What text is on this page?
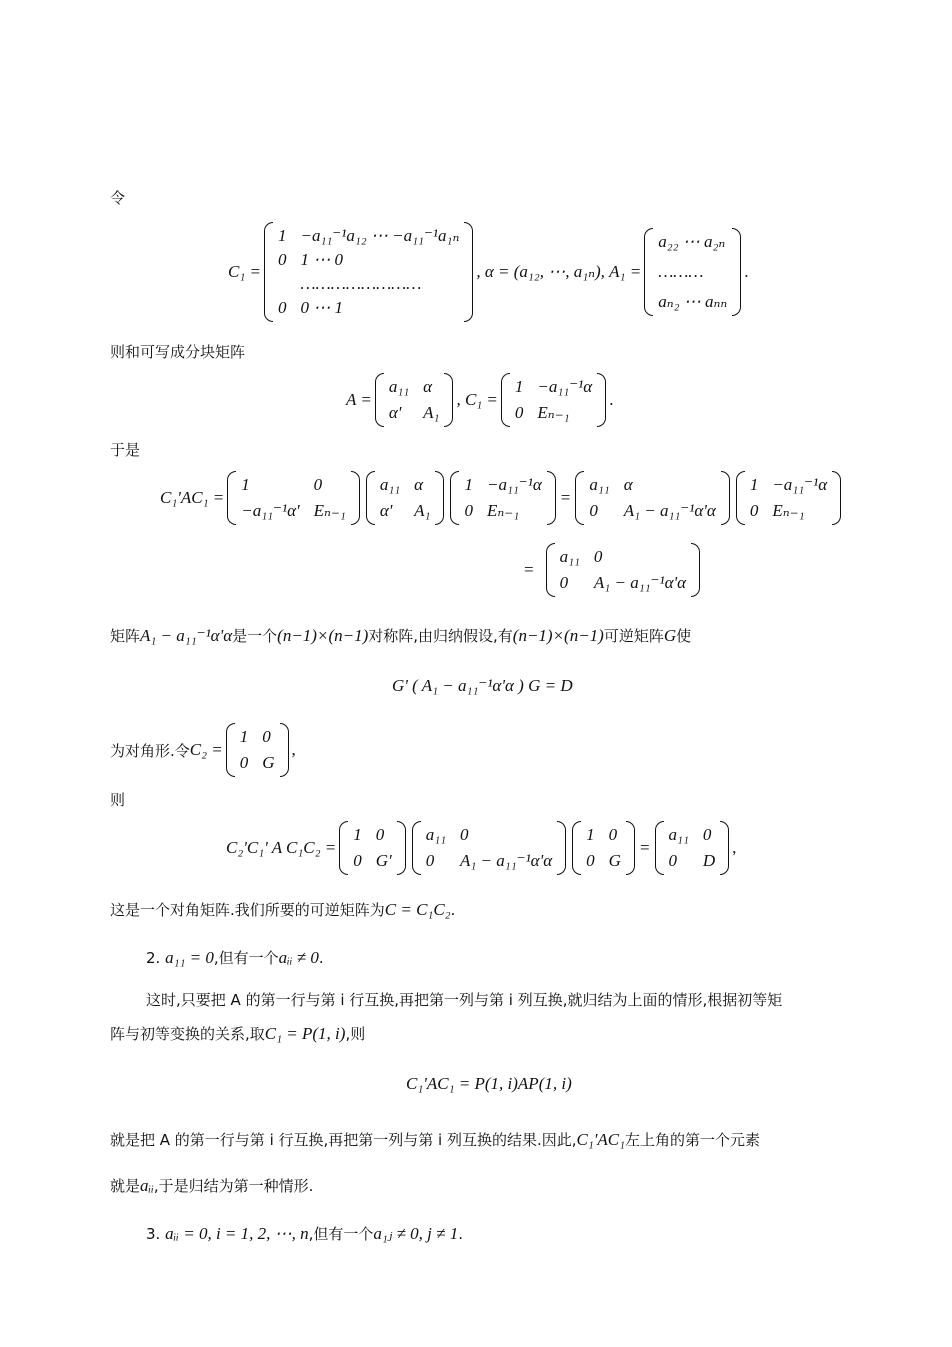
令
C₁ =
1 −a₁₁⁻¹a₁₂ ⋯ −a₁₁⁻¹a₁ₙ
0 1 ⋯ 0
……………………
0 0 ⋯ 1
, α = (a₁₂, ⋯, a₁ₙ), A₁ =
a₂₂ ⋯ a₂ₙ
………
aₙ₂ ⋯ aₙₙ
.
则和可写成分块矩阵
A =
a₁₁ α
α'	A₁
, C₁ =
1 −a₁₁⁻¹α
0 Eₙ₋₁
.
于是
C₁'AC₁ =
1	0
−a₁₁⁻¹α' Eₙ₋₁
a₁₁ α
α'	A₁
1 −a₁₁⁻¹α
0 Eₙ₋₁
=
a₁₁ α
0	A₁ − a₁₁⁻¹α'α
1 −a₁₁⁻¹α
0 Eₙ₋₁
=
a₁₁ 0
0	A₁ − a₁₁⁻¹α'α
矩阵A₁ − a₁₁⁻¹α'α是一个(n−1)×(n−1)对称阵,由归纳假设,有(n−1)×(n−1)可逆矩阵G使
G' ( A₁ − a₁₁⁻¹α'α ) G = D
为对角形.令 C₂ =
1 0
0 G
,
则
C₂'C₁' A C₁C₂ =
1 0
0 G'
a₁₁ 0
0	A₁ − a₁₁⁻¹α'α
1 0
0 G
=
a₁₁ 0
0	D
,
这是一个对角矩阵.我们所要的可逆矩阵为C = C₁C₂.
2. a₁₁ = 0,但有一个aᵢᵢ ≠ 0.
这时,只要把 A 的第一行与第 i 行互换,再把第一列与第 i 列互换,就归结为上面的情形,根据初等矩
阵与初等变换的关系,取C₁ = P(1, i),则
C₁'AC₁ = P(1, i)AP(1, i)
就是把 A 的第一行与第 i 行互换,再把第一列与第 i 列互换的结果.因此,C₁'AC₁左上角的第一个元素
就是aᵢᵢ,于是归结为第一种情形.
3. aᵢᵢ = 0, i = 1, 2, ⋯, n,但有一个a₁ⱼ ≠ 0, j ≠ 1.
